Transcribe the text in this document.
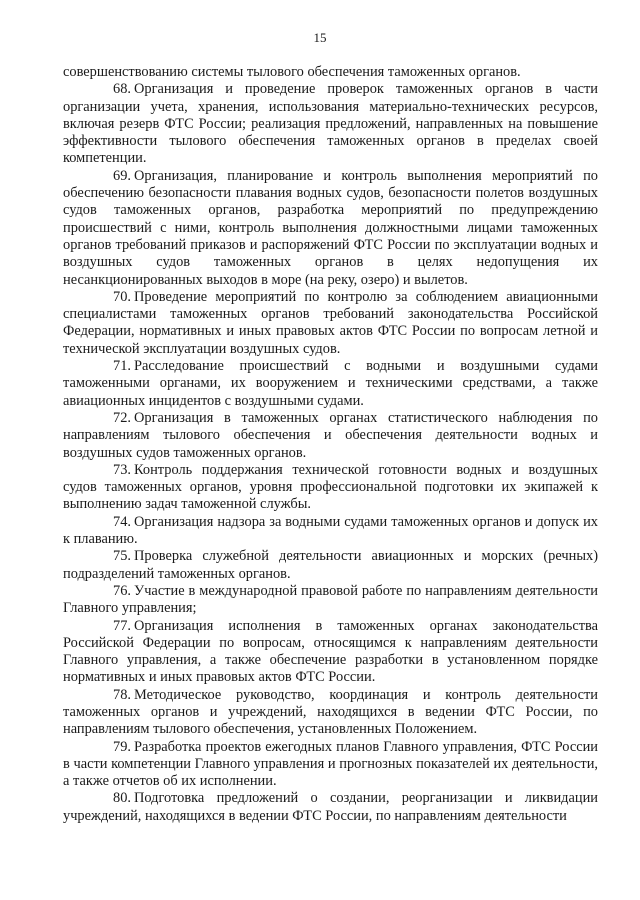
15

совершенствованию системы тылового обеспечения таможенных органов.

68. Организация и проведение проверок таможенных органов в части организации учета, хранения, использования материально-технических ресурсов, включая резерв ФТС России; реализация предложений, направленных на повышение эффективности тылового обеспечения таможенных органов в пределах своей компетенции.

69. Организация, планирование и контроль выполнения мероприятий по обеспечению безопасности плавания водных судов, безопасности полетов воздушных судов таможенных органов, разработка мероприятий по предупреждению происшествий с ними, контроль выполнения должностными лицами таможенных органов требований приказов и распоряжений ФТС России по эксплуатации водных и воздушных судов таможенных органов в целях недопущения их несанкционированных выходов в море (на реку, озеро) и вылетов.

70. Проведение мероприятий по контролю за соблюдением авиационными специалистами таможенных органов требований законодательства Российской Федерации, нормативных и иных правовых актов ФТС России по вопросам летной и технической эксплуатации воздушных судов.

71. Расследование происшествий с водными и воздушными судами таможенными органами, их вооружением и техническими средствами, а также авиационных инцидентов с воздушными судами.

72. Организация в таможенных органах статистического наблюдения по направлениям тылового обеспечения и обеспечения деятельности водных и воздушных судов таможенных органов.

73. Контроль поддержания технической готовности водных и воздушных судов таможенных органов, уровня профессиональной подготовки их экипажей к выполнению задач таможенной службы.

74. Организация надзора за водными судами таможенных органов и допуск их к плаванию.

75. Проверка служебной деятельности авиационных и морских (речных) подразделений таможенных органов.

76. Участие в международной правовой работе по направлениям деятельности Главного управления;

77. Организация исполнения в таможенных органах законодательства Российской Федерации по вопросам, относящимся к направлениям деятельности Главного управления, а также обеспечение разработки в установленном порядке нормативных и иных правовых актов ФТС России.

78. Методическое руководство, координация и контроль деятельности таможенных органов и учреждений, находящихся в ведении ФТС России, по направлениям тылового обеспечения, установленных Положением.

79. Разработка проектов ежегодных планов Главного управления, ФТС России в части компетенции Главного управления и прогнозных показателей их деятельности, а также отчетов об их исполнении.

80. Подготовка предложений о создании, реорганизации и ликвидации учреждений, находящихся в ведении ФТС России, по направлениям деятельности
